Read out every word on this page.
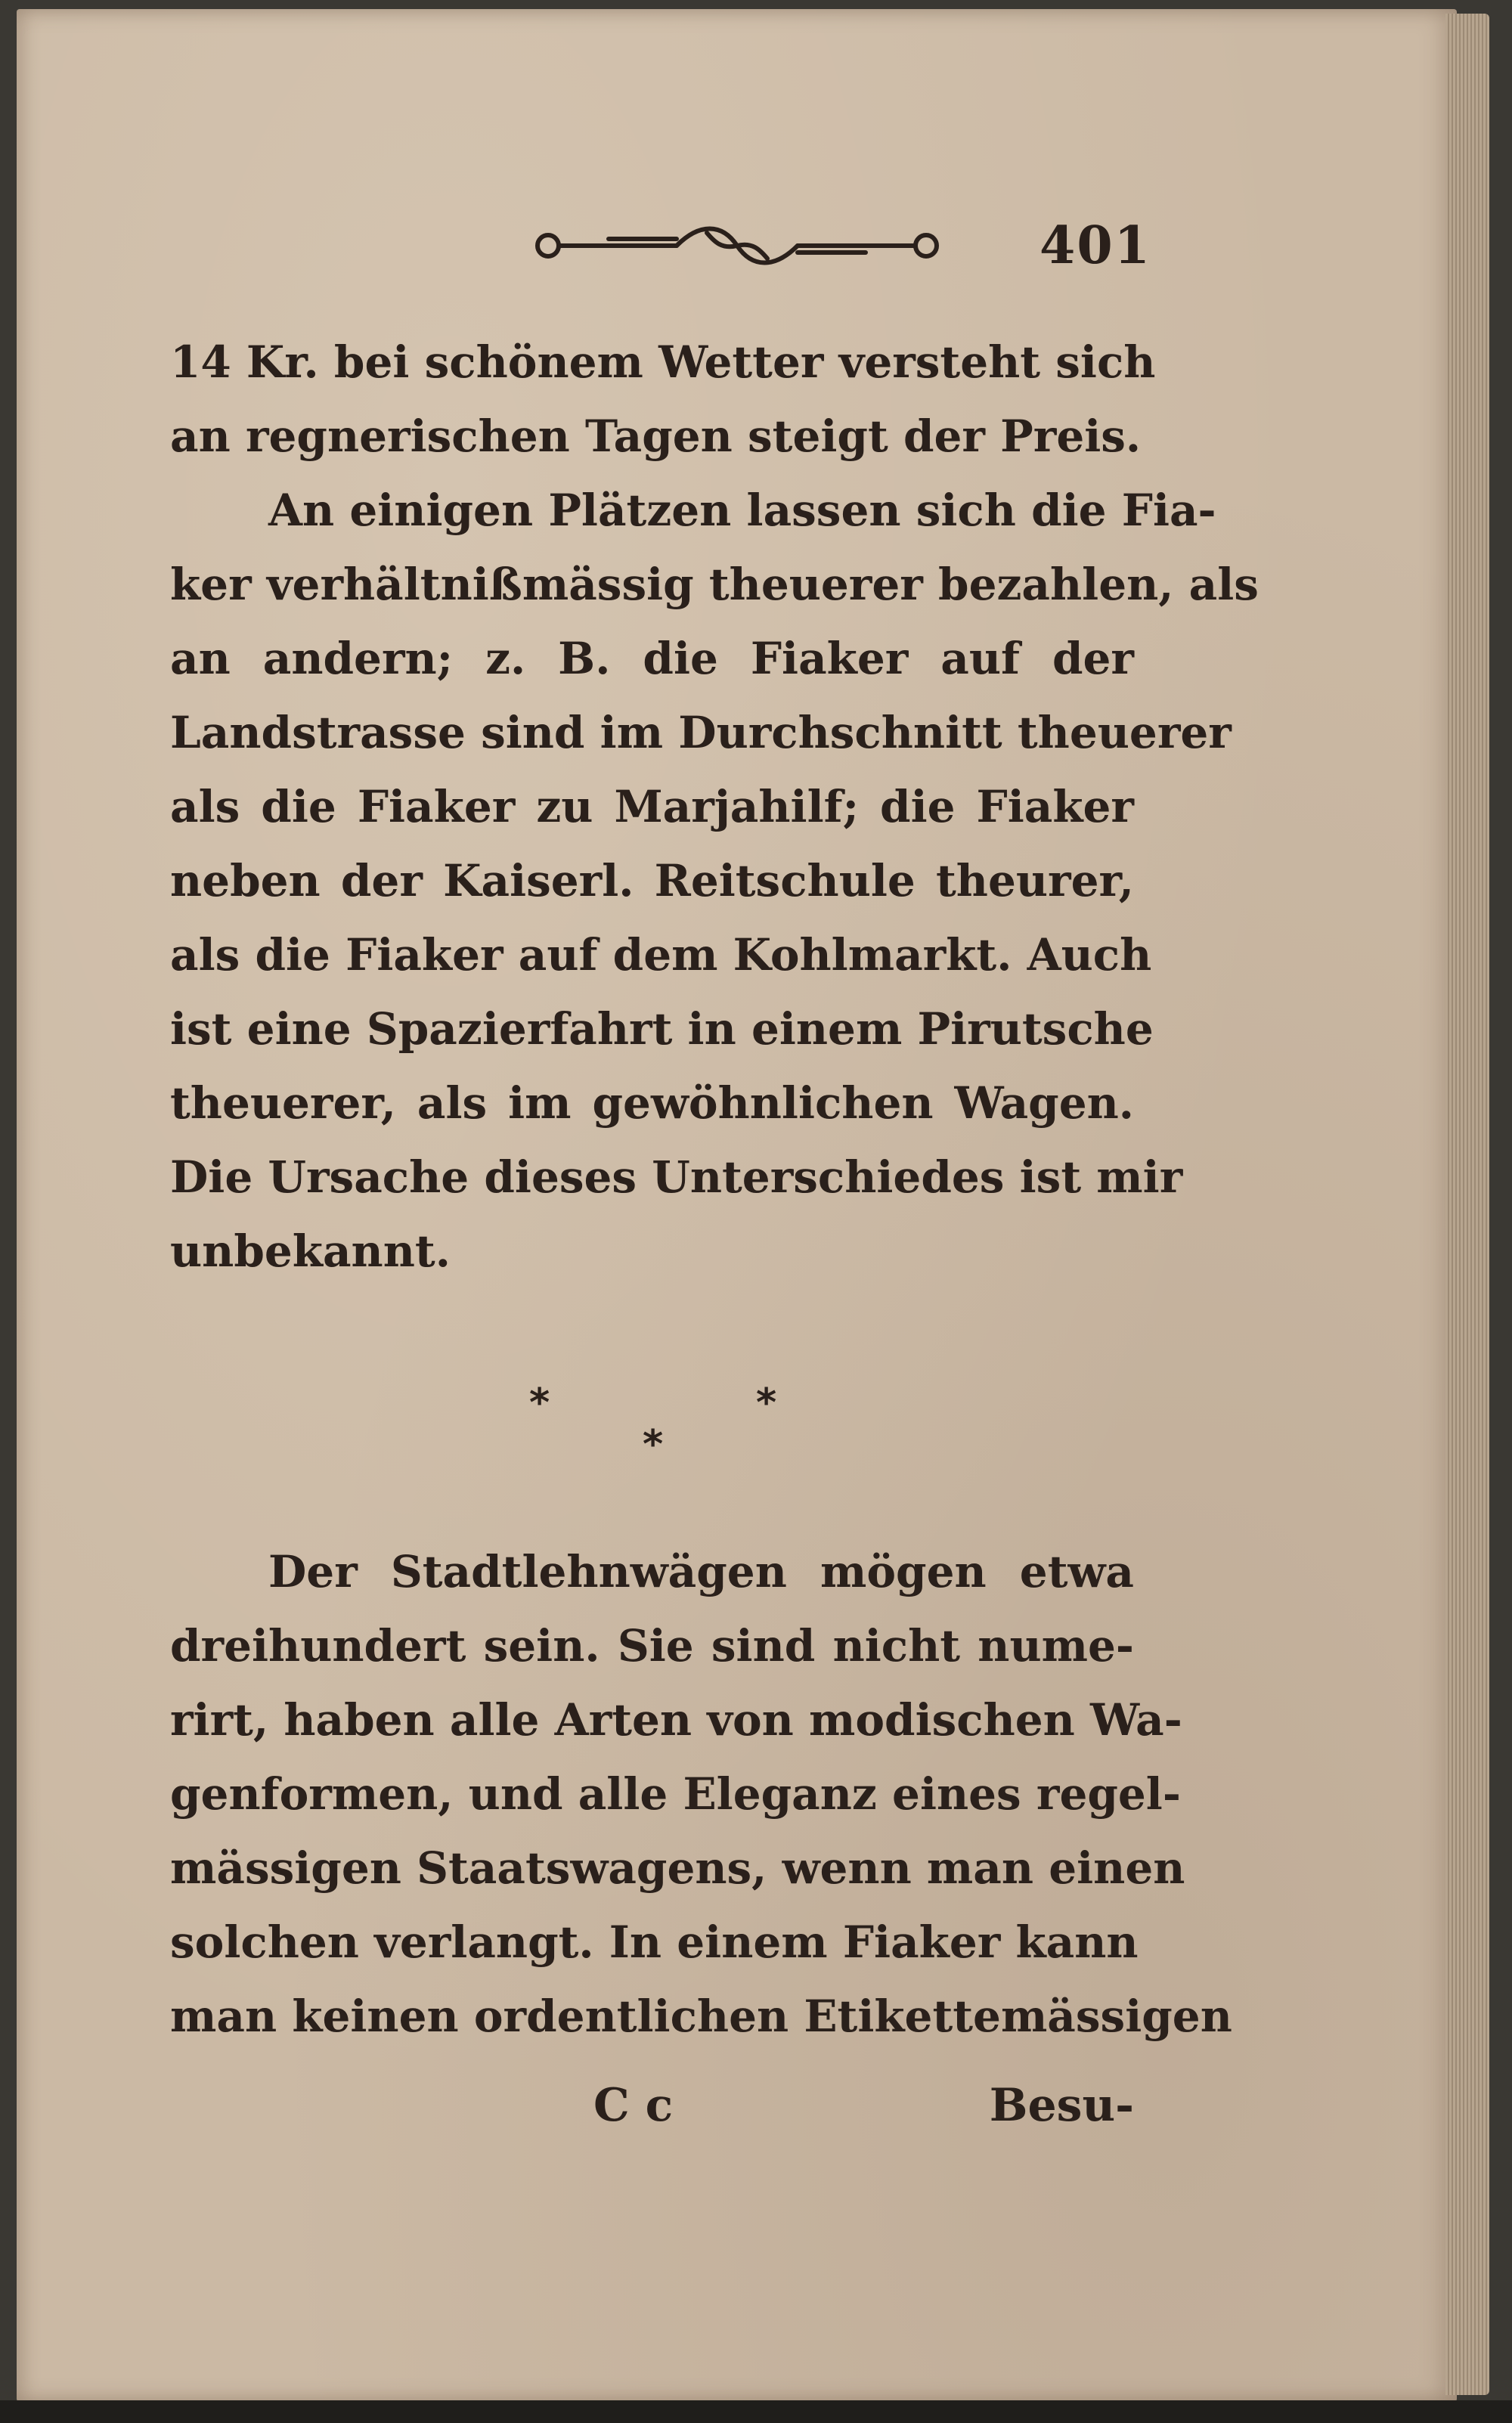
401
14 Kr. bei schönem Wetter versteht sich
an regnerischen Tagen steigt der Preis.
An einigen Plätzen lassen sich die Fia-
ker verhältnißmässig theuerer bezahlen, als
an andern; z. B. die Fiaker auf der
Landstrasse sind im Durchschnitt theuerer
als die Fiaker zu Marjahilf; die Fiaker
neben der Kaiserl. Reitschule theurer,
als die Fiaker auf dem Kohlmarkt. Auch
ist eine Spazierfahrt in einem Pirutsche
theuerer, als im gewöhnlichen Wagen.
Die Ursache dieses Unterschiedes ist mir
unbekannt.
*	*
*
Der Stadtlehnwägen mögen etwa
dreihundert sein. Sie sind nicht nume-
rirt, haben alle Arten von modischen Wa-
genformen, und alle Eleganz eines regel-
mässigen Staatswagens, wenn man einen
solchen verlangt. In einem Fiaker kann
man keinen ordentlichen Etikettemässigen
C c	Besu-
